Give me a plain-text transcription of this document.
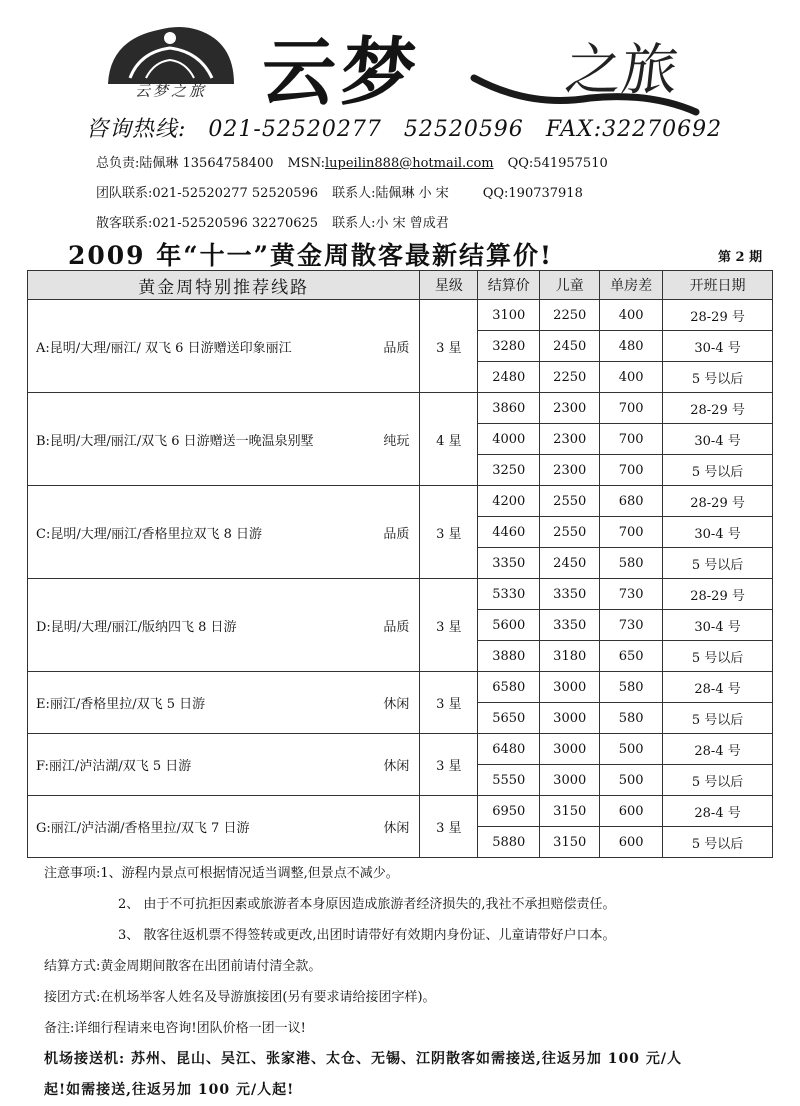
云梦之旅 云梦 之旅
咨询热线: 021-52520277 52520596 FAX:32270692
总负责:陆佩琳 13564758400 MSN:lupeilin888@hotmail.com QQ:541957510
团队联系:021-52520277 52520596 联系人:陆佩琳 小 宋	QQ:190737918
散客联系:021-52520596 32270625 联系人:小 宋 曾成君
2009 年“十一”黄金周散客最新结算价!	第 2 期
黄金周特别推荐线路	星级	结算价	儿童	单房差	开班日期

A:昆明/大理/丽江/ 双飞 6 日游赠送印象丽江 品质	3 星	3100	2250	400	28-29 号
		3280	2450	480	30-4 号
		2480	2250	400	5 号以后

B:昆明/大理/丽江/双飞 6 日游赠送一晚温泉别墅 纯玩	4 星	3860	2300	700	28-29 号
		4000	2300	700	30-4 号
		3250	2300	700	5 号以后

C:昆明/大理/丽江/香格里拉双飞 8 日游 品质	3 星	4200	2550	680	28-29 号
		4460	2550	700	30-4 号
		3350	2450	580	5 号以后

D:昆明/大理/丽江/版纳四飞 8 日游 品质	3 星	5330	3350	730	28-29 号
		5600	3350	730	30-4 号
		3880	3180	650	5 号以后

E:丽江/香格里拉/双飞 5 日游 休闲	3 星	6580	3000	580	28-4 号
		5650	3000	580	5 号以后

F:丽江/泸沽湖/双飞 5 日游 休闲	3 星	6480	3000	500	28-4 号
		5550	3000	500	5 号以后

G:丽江/泸沽湖/香格里拉/双飞 7 日游 休闲	3 星	6950	3150	600	28-4 号
		5880	3150	600	5 号以后
注意事项:1、游程内景点可根据情况适当调整,但景点不减少。
2、 由于不可抗拒因素或旅游者本身原因造成旅游者经济损失的,我社不承担赔偿责任。
3、 散客往返机票不得签转或更改,出团时请带好有效期内身份证、儿童请带好户口本。
结算方式:黄金周期间散客在出团前请付清全款。
接团方式:在机场举客人姓名及导游旗接团(另有要求请给接团字样)。
备注:详细行程请来电咨询!团队价格一团一议!
机场接送机: 苏州、昆山、吴江、张家港、太仓、无锡、江阴散客如需接送,往返另加 100 元/人
起!如需接送,往返另加 100 元/人起!
